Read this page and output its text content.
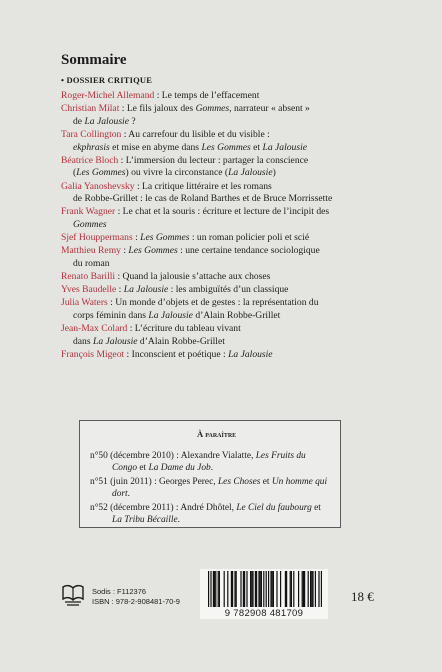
Sommaire
• DOSSIER CRITIQUE
Roger-Michel Allemand : Le temps de l’effacement
Christian Milat : Le fils jaloux des Gommes, narrateur « absent »
de La Jalousie ?
Tara Collington : Au carrefour du lisible et du visible :
ekphrasis et mise en abyme dans Les Gommes et La Jalousie
Béatrice Bloch : L’immersion du lecteur : partager la conscience
(Les Gommes) ou vivre la circonstance (La Jalousie)
Galia Yanoshevsky : La critique littéraire et les romans
de Robbe-Grillet : le cas de Roland Barthes et de Bruce Morrissette
Frank Wagner : Le chat et la souris : écriture et lecture de l’incipit des
Gommes
Sjef Houppermans : Les Gommes : un roman policier poli et scié
Matthieu Remy : Les Gommes : une certaine tendance sociologique
du roman
Renato Barilli : Quand la jalousie s’attache aux choses
Yves Baudelle : La Jalousie : les ambiguïtés d’un classique
Julia Waters : Un monde d’objets et de gestes : la représentation du
corps féminin dans La Jalousie d’Alain Robbe-Grillet
Jean-Max Colard : L’écriture du tableau vivant
dans La Jalousie d’Alain Robbe-Grillet
François Migeot : Inconscient et poétique : La Jalousie
À paraître
n°50 (décembre 2010) : Alexandre Vialatte, Les Fruits du
Congo et La Dame du Job.
n°51 (juin 2011) : Georges Perec, Les Choses et Un homme qui
dort.
n°52 (décembre 2011) : André Dhôtel, Le Ciel du faubourg et
La Tribu Bécaille.
Sodis : F112376
ISBN : 978-2-908481-70-9
9 782908 481709
18 €
